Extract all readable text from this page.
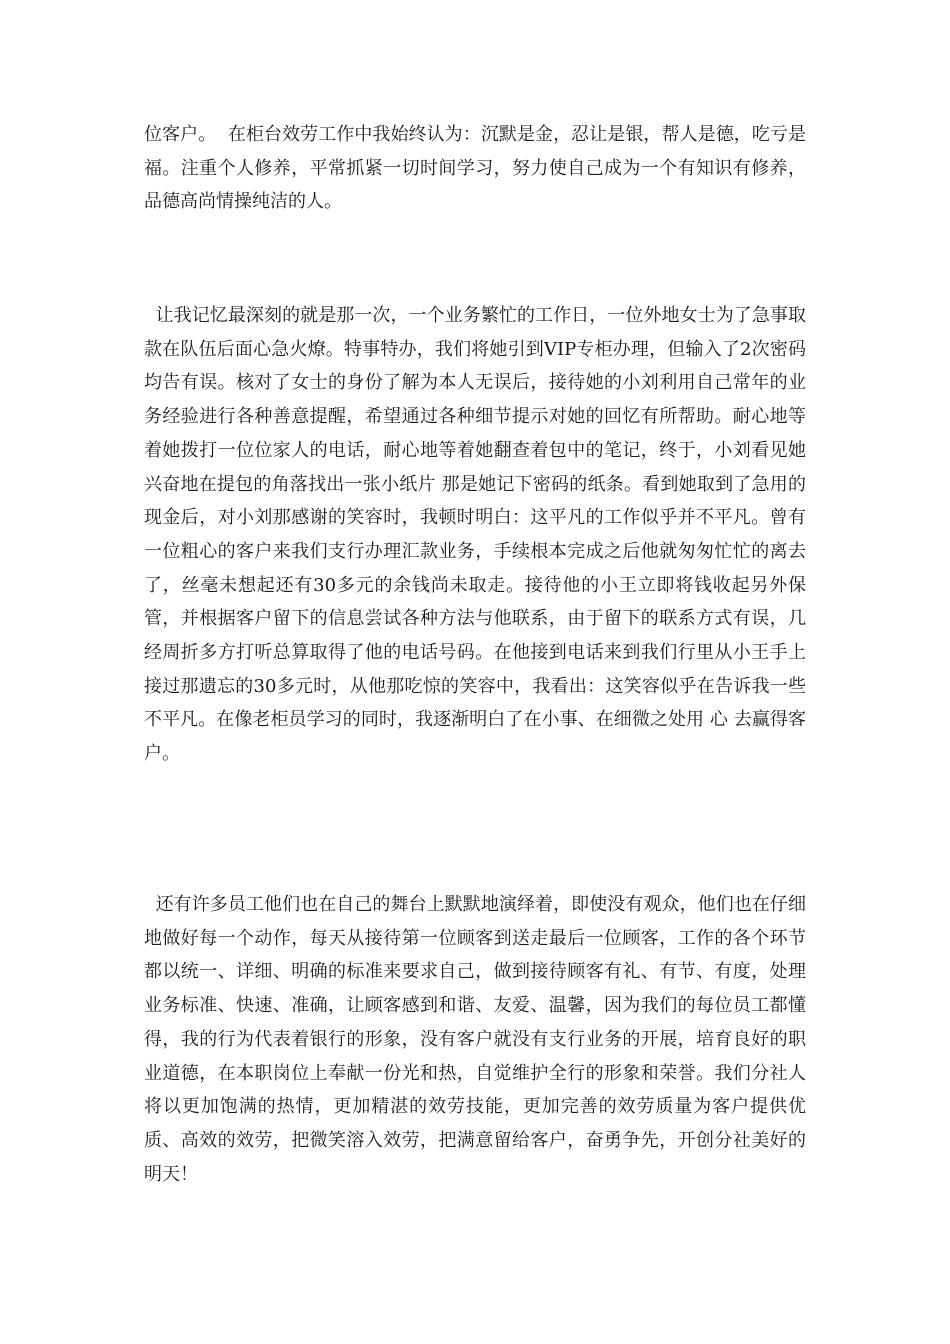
位客户。  在柜台效劳工作中我始终认为：沉默是金，忍让是银，帮人是德，吃亏是福。注重个人修养，平常抓紧一切时间学习，努力使自己成为一个有知识有修养，品德高尚情操纯洁的人。

让我记忆最深刻的就是那一次，一个业务繁忙的工作日，一位外地女士为了急事取款在队伍后面心急火燎。特事特办，我们将她引到VIP专柜办理，但输入了2次密码均告有误。核对了女士的身份了解为本人无误后，接待她的小刘利用自己常年的业务经验进行各种善意提醒，希望通过各种细节提示对她的回忆有所帮助。耐心地等着她拨打一位位家人的电话，耐心地等着她翻查着包中的笔记，终于，小刘看见她兴奋地在提包的角落找出一张小纸片 那是她记下密码的纸条。看到她取到了急用的现金后，对小刘那感谢的笑容时，我顿时明白：这平凡的工作似乎并不平凡。曾有一位粗心的客户来我们支行办理汇款业务，手续根本完成之后他就匆匆忙忙的离去了，丝毫未想起还有30多元的余钱尚未取走。接待他的小王立即将钱收起另外保管，并根据客户留下的信息尝试各种方法与他联系，由于留下的联系方式有误，几经周折多方打听总算取得了他的电话号码。在他接到电话来到我们行里从小王手上接过那遗忘的30多元时，从他那吃惊的笑容中，我看出：这笑容似乎在告诉我一些不平凡。在像老柜员学习的同时，我逐渐明白了在小事、在细微之处用 心 去赢得客户。

还有许多员工他们也在自己的舞台上默默地演绎着，即使没有观众，他们也在仔细地做好每一个动作，每天从接待第一位顾客到送走最后一位顾客，工作的各个环节都以统一、详细、明确的标准来要求自己，做到接待顾客有礼、有节、有度，处理业务标准、快速、准确，让顾客感到和谐、友爱、温馨，因为我们的每位员工都懂得，我的行为代表着银行的形象，没有客户就没有支行业务的开展，培育良好的职业道德，在本职岗位上奉献一份光和热，自觉维护全行的形象和荣誉。我们分社人将以更加饱满的热情，更加精湛的效劳技能，更加完善的效劳质量为客户提供优质、高效的效劳，把微笑溶入效劳，把满意留给客户，奋勇争先，开创分社美好的明天！
